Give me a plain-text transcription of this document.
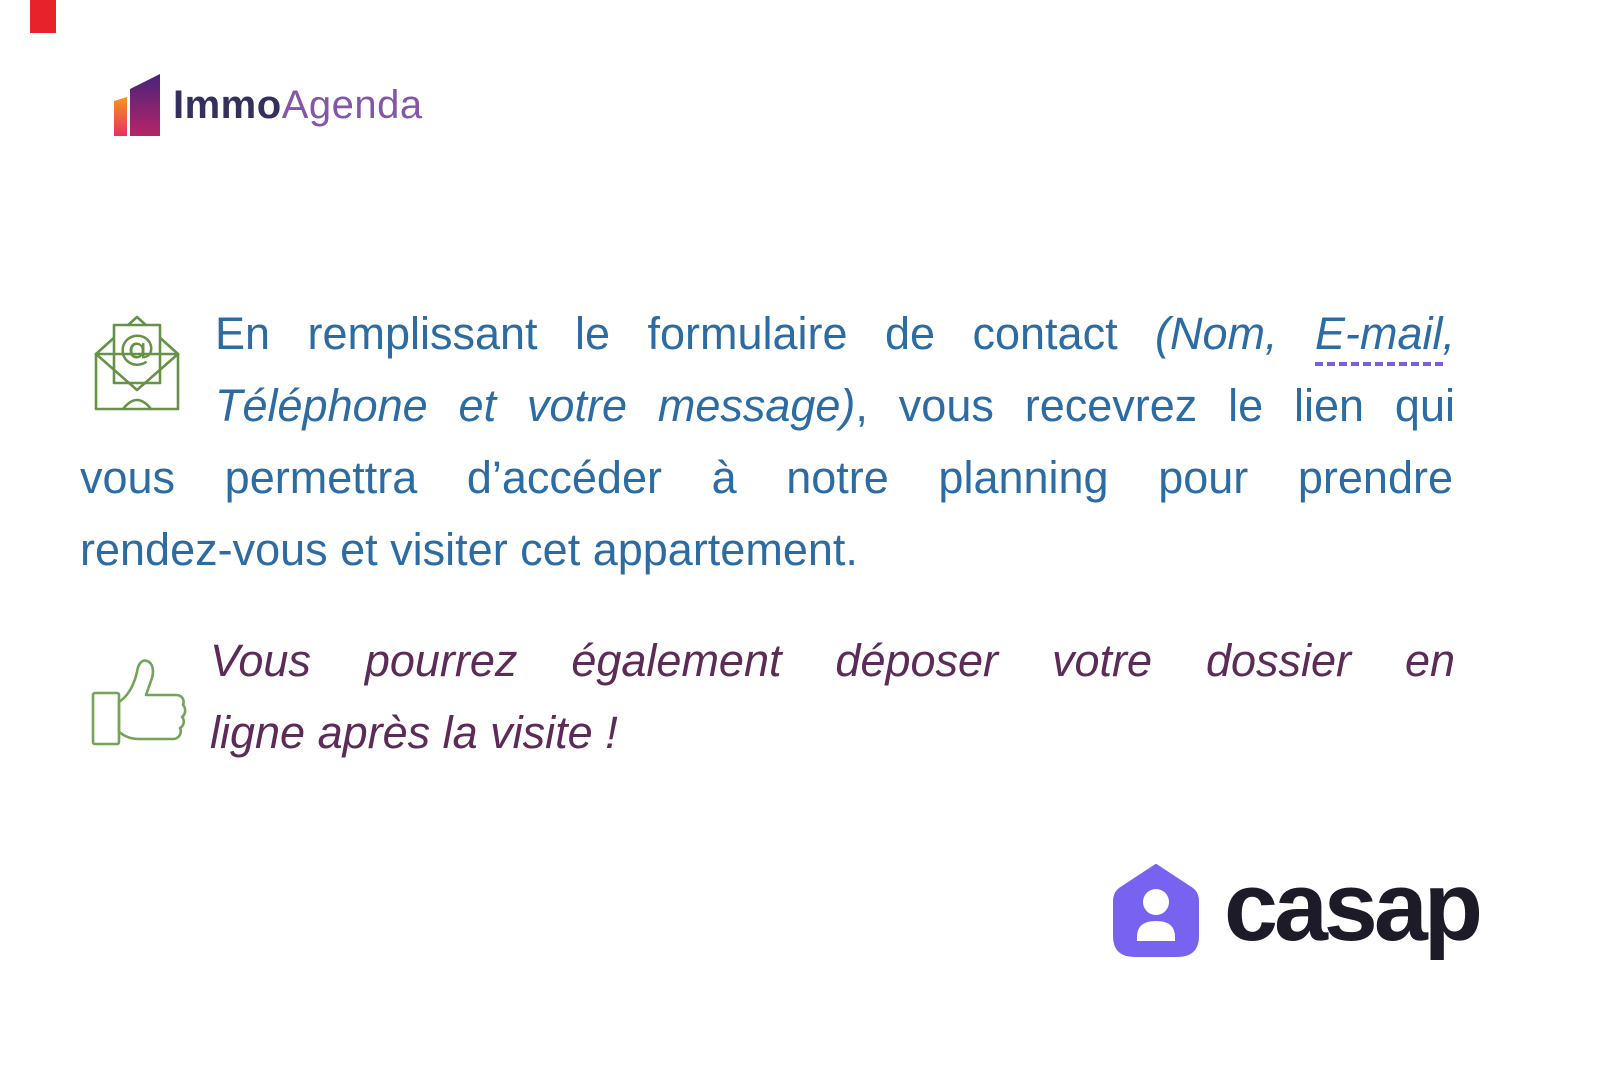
ImmoAgenda
@ En remplissant le formulaire de contact (Nom, E-mail,
Téléphone et votre message), vous recevrez le lien qui
vous permettra d’accéder à notre planning pour prendre
rendez-vous et visiter cet appartement.
Vous pourrez également déposer votre dossier en
ligne après la visite !
casap
